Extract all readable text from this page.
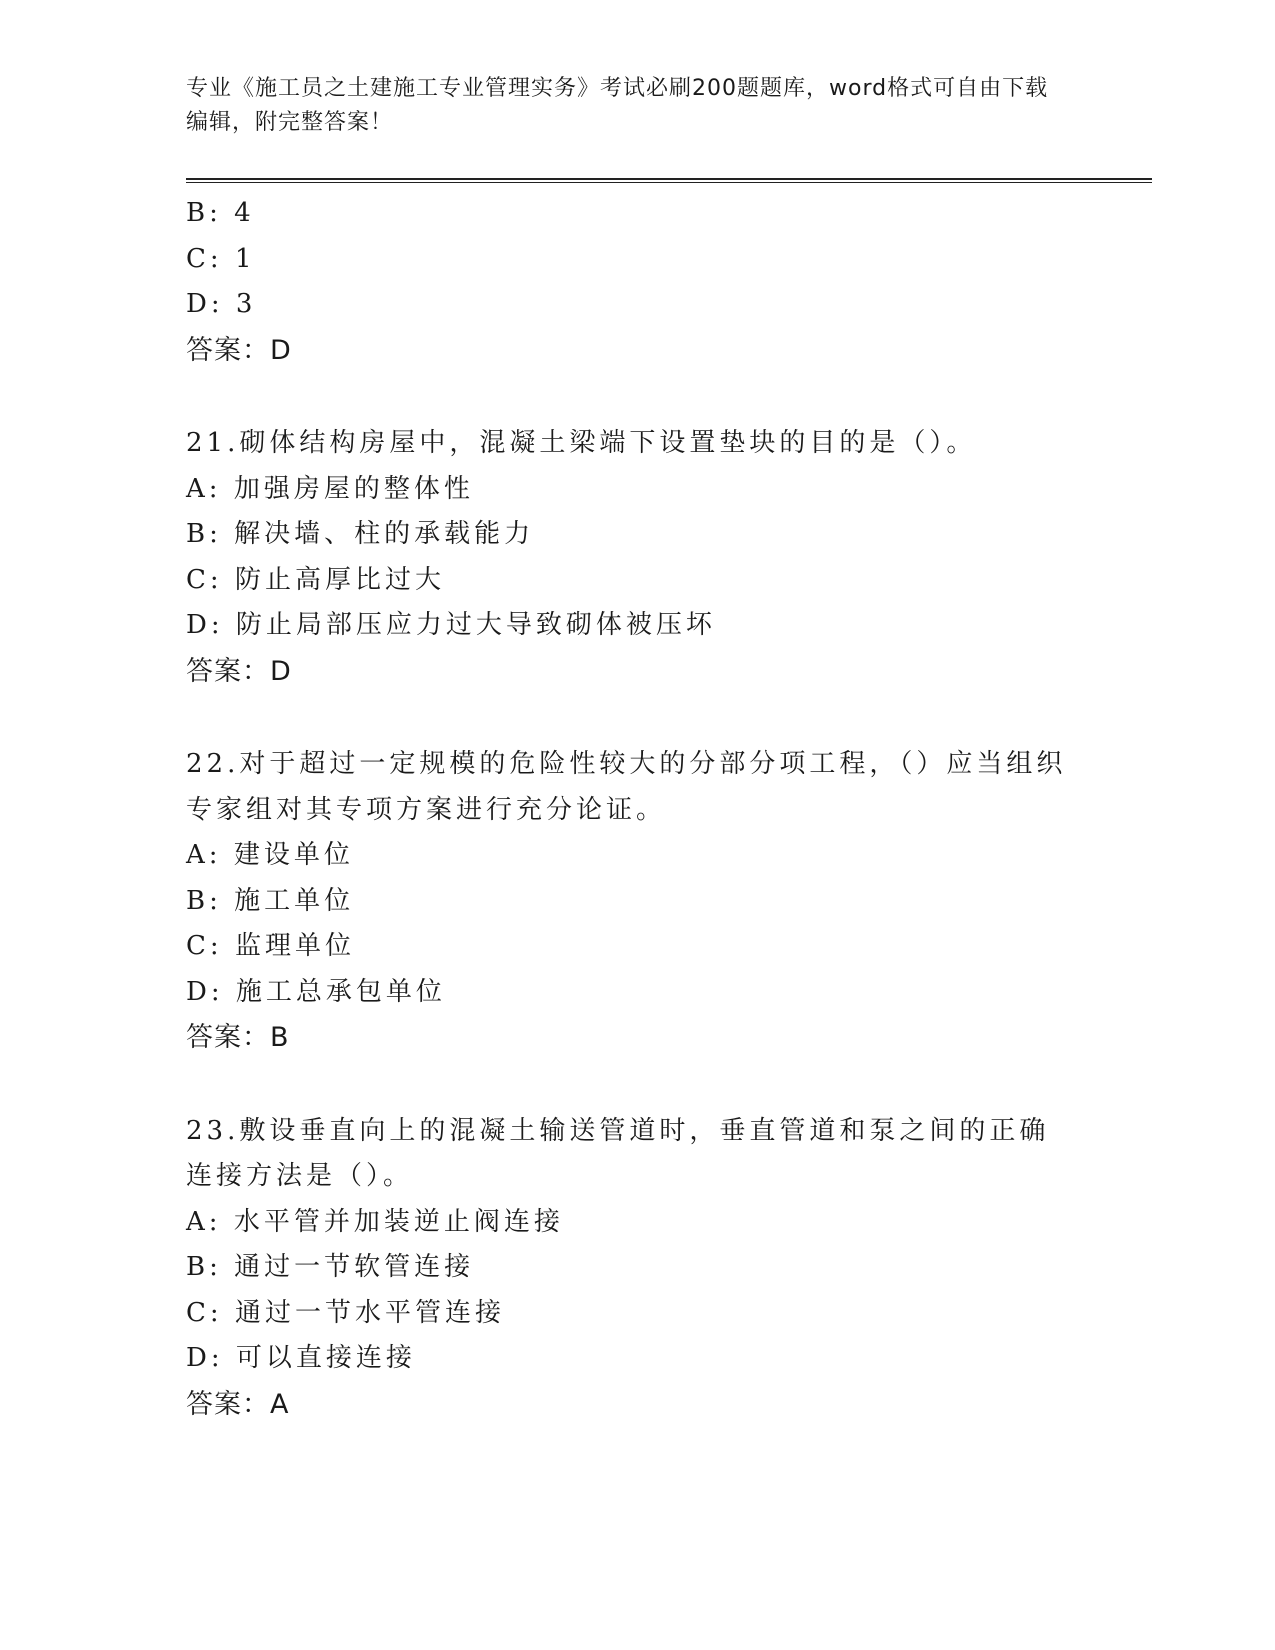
专业《施工员之土建施工专业管理实务》考试必刷200题题库，word格式可自由下载编辑，附完整答案！
B: 4
C: 1
D: 3
答案：D
21.砌体结构房屋中，混凝土梁端下设置垫块的目的是（）。
A: 加强房屋的整体性
B: 解决墙、柱的承载能力
C: 防止高厚比过大
D: 防止局部压应力过大导致砌体被压坏
答案：D
22.对于超过一定规模的危险性较大的分部分项工程，（）应当组织专家组对其专项方案进行充分论证。
A: 建设单位
B: 施工单位
C: 监理单位
D: 施工总承包单位
答案：B
23.敷设垂直向上的混凝土输送管道时，垂直管道和泵之间的正确连接方法是（）。
A: 水平管并加装逆止阀连接
B: 通过一节软管连接
C: 通过一节水平管连接
D: 可以直接连接
答案：A
